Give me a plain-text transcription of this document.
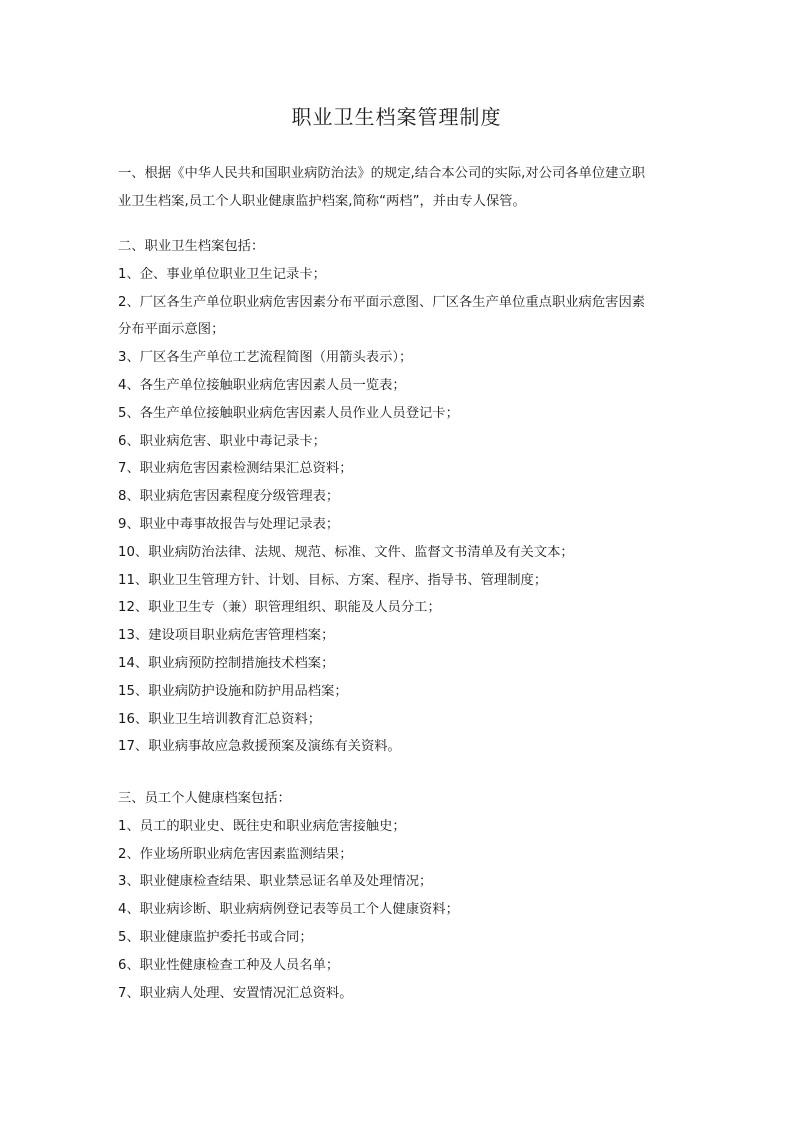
职业卫生档案管理制度
一、根据《中华人民共和国职业病防治法》的规定,结合本公司的实际,对公司各单位建立职
业卫生档案,员工个人职业健康监护档案,简称“两档”，并由专人保管。
二、职业卫生档案包括：
1、企、事业单位职业卫生记录卡；
2、厂区各生产单位职业病危害因素分布平面示意图、厂区各生产单位重点职业病危害因素
分布平面示意图；
3、厂区各生产单位工艺流程简图（用箭头表示）；
4、各生产单位接触职业病危害因素人员一览表；
5、各生产单位接触职业病危害因素人员作业人员登记卡；
6、职业病危害、职业中毒记录卡；
7、职业病危害因素检测结果汇总资料；
8、职业病危害因素程度分级管理表；
9、职业中毒事故报告与处理记录表；
10、职业病防治法律、法规、规范、标准、文件、监督文书清单及有关文本；
11、职业卫生管理方针、计划、目标、方案、程序、指导书、管理制度；
12、职业卫生专（兼）职管理组织、职能及人员分工；
13、建设项目职业病危害管理档案；
14、职业病预防控制措施技术档案；
15、职业病防护设施和防护用品档案；
16、职业卫生培训教育汇总资料；
17、职业病事故应急救援预案及演练有关资料。
三、员工个人健康档案包括：
1、员工的职业史、既往史和职业病危害接触史；
2、作业场所职业病危害因素监测结果；
3、职业健康检查结果、职业禁忌证名单及处理情况；
4、职业病诊断、职业病病例登记表等员工个人健康资料；
5、职业健康监护委托书或合同；
6、职业性健康检查工种及人员名单；
7、职业病人处理、安置情况汇总资料。
